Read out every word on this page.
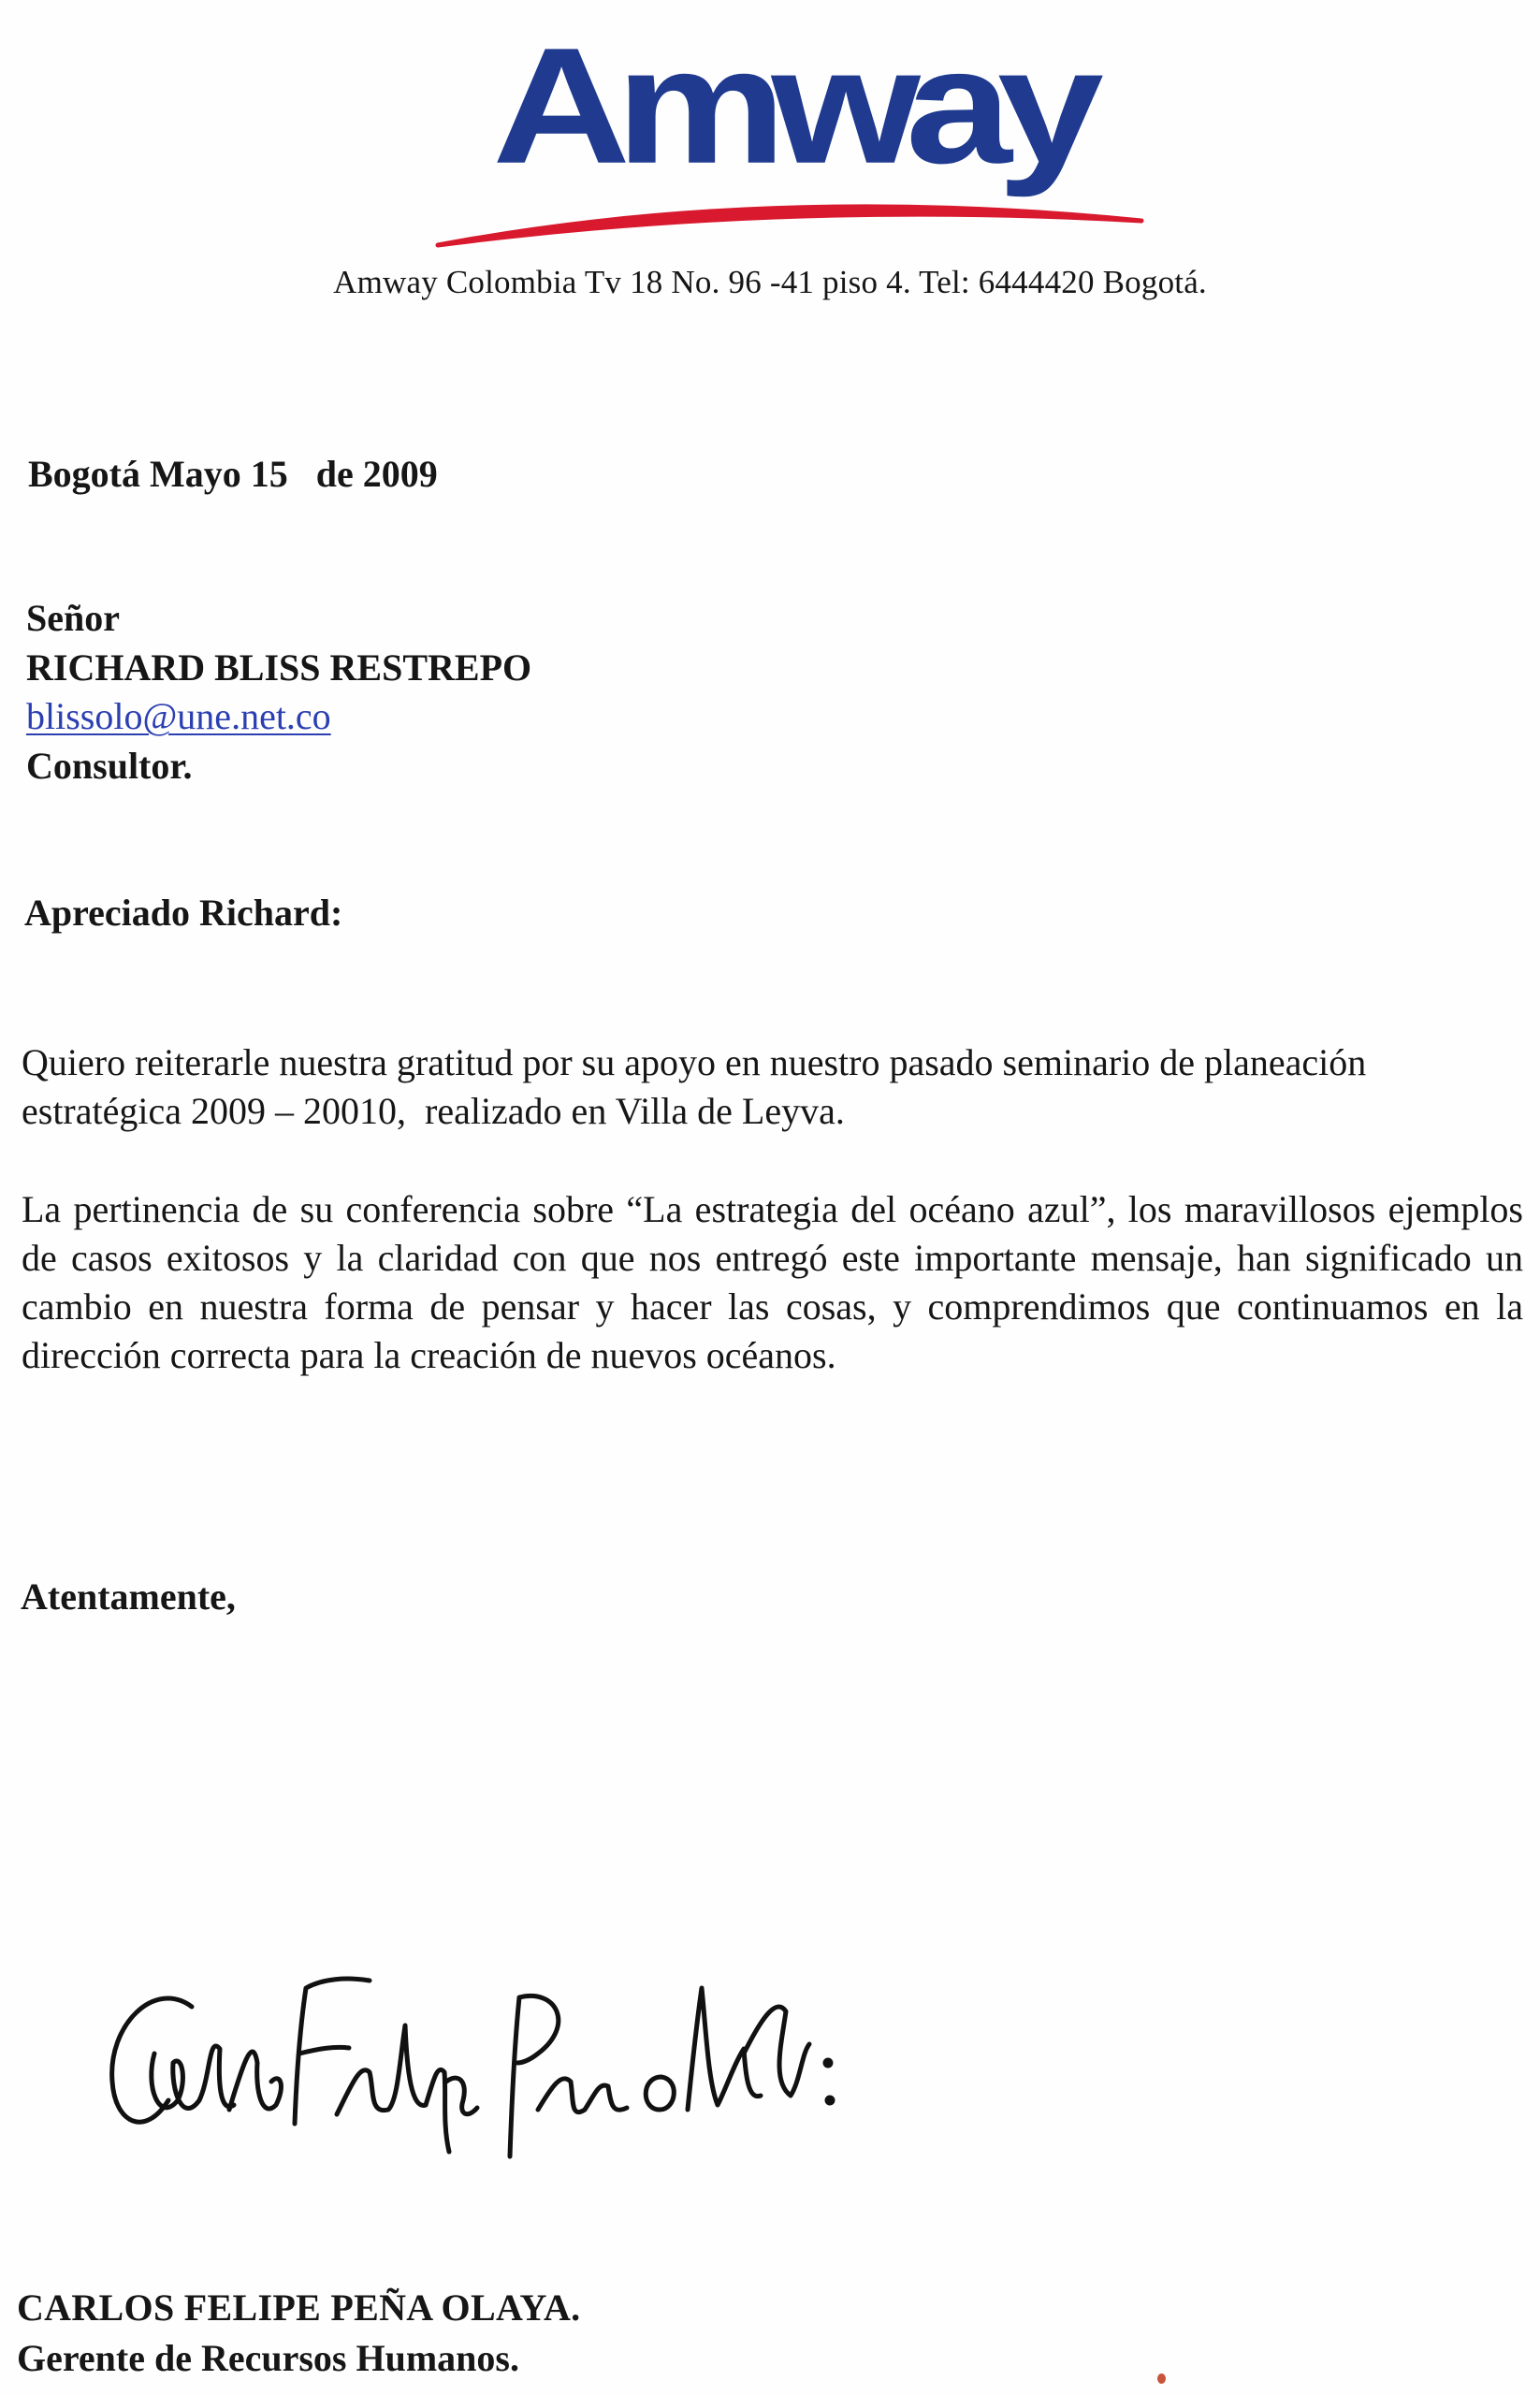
Amway
Amway Colombia Tv 18 No. 96 -41 piso 4. Tel: 6444420 Bogotá.
Bogotá Mayo 15   de 2009
Señor
RICHARD BLISS RESTREPO
blissolo@une.net.co
Consultor.
Apreciado Richard:
Quiero reiterarle nuestra gratitud por su apoyo en nuestro pasado seminario de planeación estratégica 2009 – 20010,  realizado en Villa de Leyva.
La pertinencia de su conferencia sobre “La estrategia del océano azul”, los maravillosos ejemplos de casos exitosos y la claridad con que nos entregó este importante mensaje, han significado un cambio en nuestra forma de pensar y hacer las cosas, y comprendimos que continuamos en la dirección correcta para la creación de nuevos océanos.
Atentamente,
CARLOS FELIPE PEÑA OLAYA.
Gerente de Recursos Humanos.
